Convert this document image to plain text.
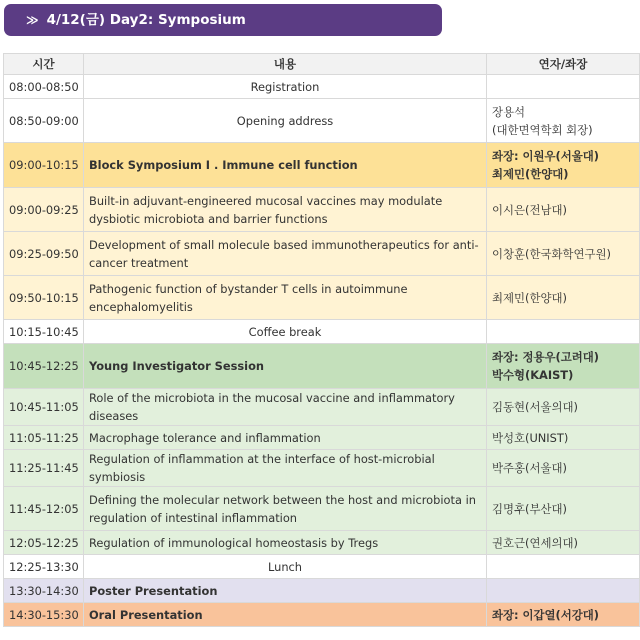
≫ 4/12(금) Day2: Symposium
시간	내용	연자/좌장
08:00-08:50	Registration	
08:50-09:00	Opening address	장용석
(대한면역학회 회장)

09:00-10:15	Block Symposium I . Immune cell function	좌장: 이원우(서울대)
최제민(한양대)

09:00-09:25	Built-in adjuvant-engineered mucosal vaccines may modulate dysbiotic microbiota and barrier functions	이시은(전남대)
09:25-09:50	Development of small molecule based immunotherapeutics for anti-cancer treatment	이창훈(한국화학연구원)
09:50-10:15	Pathogenic function of bystander T cells in autoimmune encephalomyelitis	최제민(한양대)
10:15-10:45	Coffee break	
10:45-12:25	Young Investigator Session	좌장: 정용우(고려대)
박수형(KAIST)

10:45-11:05	Role of the microbiota in the mucosal vaccine and inflammatory diseases	김동현(서울의대)
11:05-11:25	Macrophage tolerance and inflammation	박성호(UNIST)
11:25-11:45	Regulation of inflammation at the interface of host-microbial symbiosis	박주홍(서울대)
11:45-12:05	Defining the molecular network between the host and microbiota in regulation of intestinal inflammation	김명후(부산대)
12:05-12:25	Regulation of immunological homeostasis by Tregs	권호근(연세의대)
12:25-13:30	Lunch	
13:30-14:30	Poster Presentation	
14:30-15:30	Oral Presentation	좌장: 이갑열(서강대)
